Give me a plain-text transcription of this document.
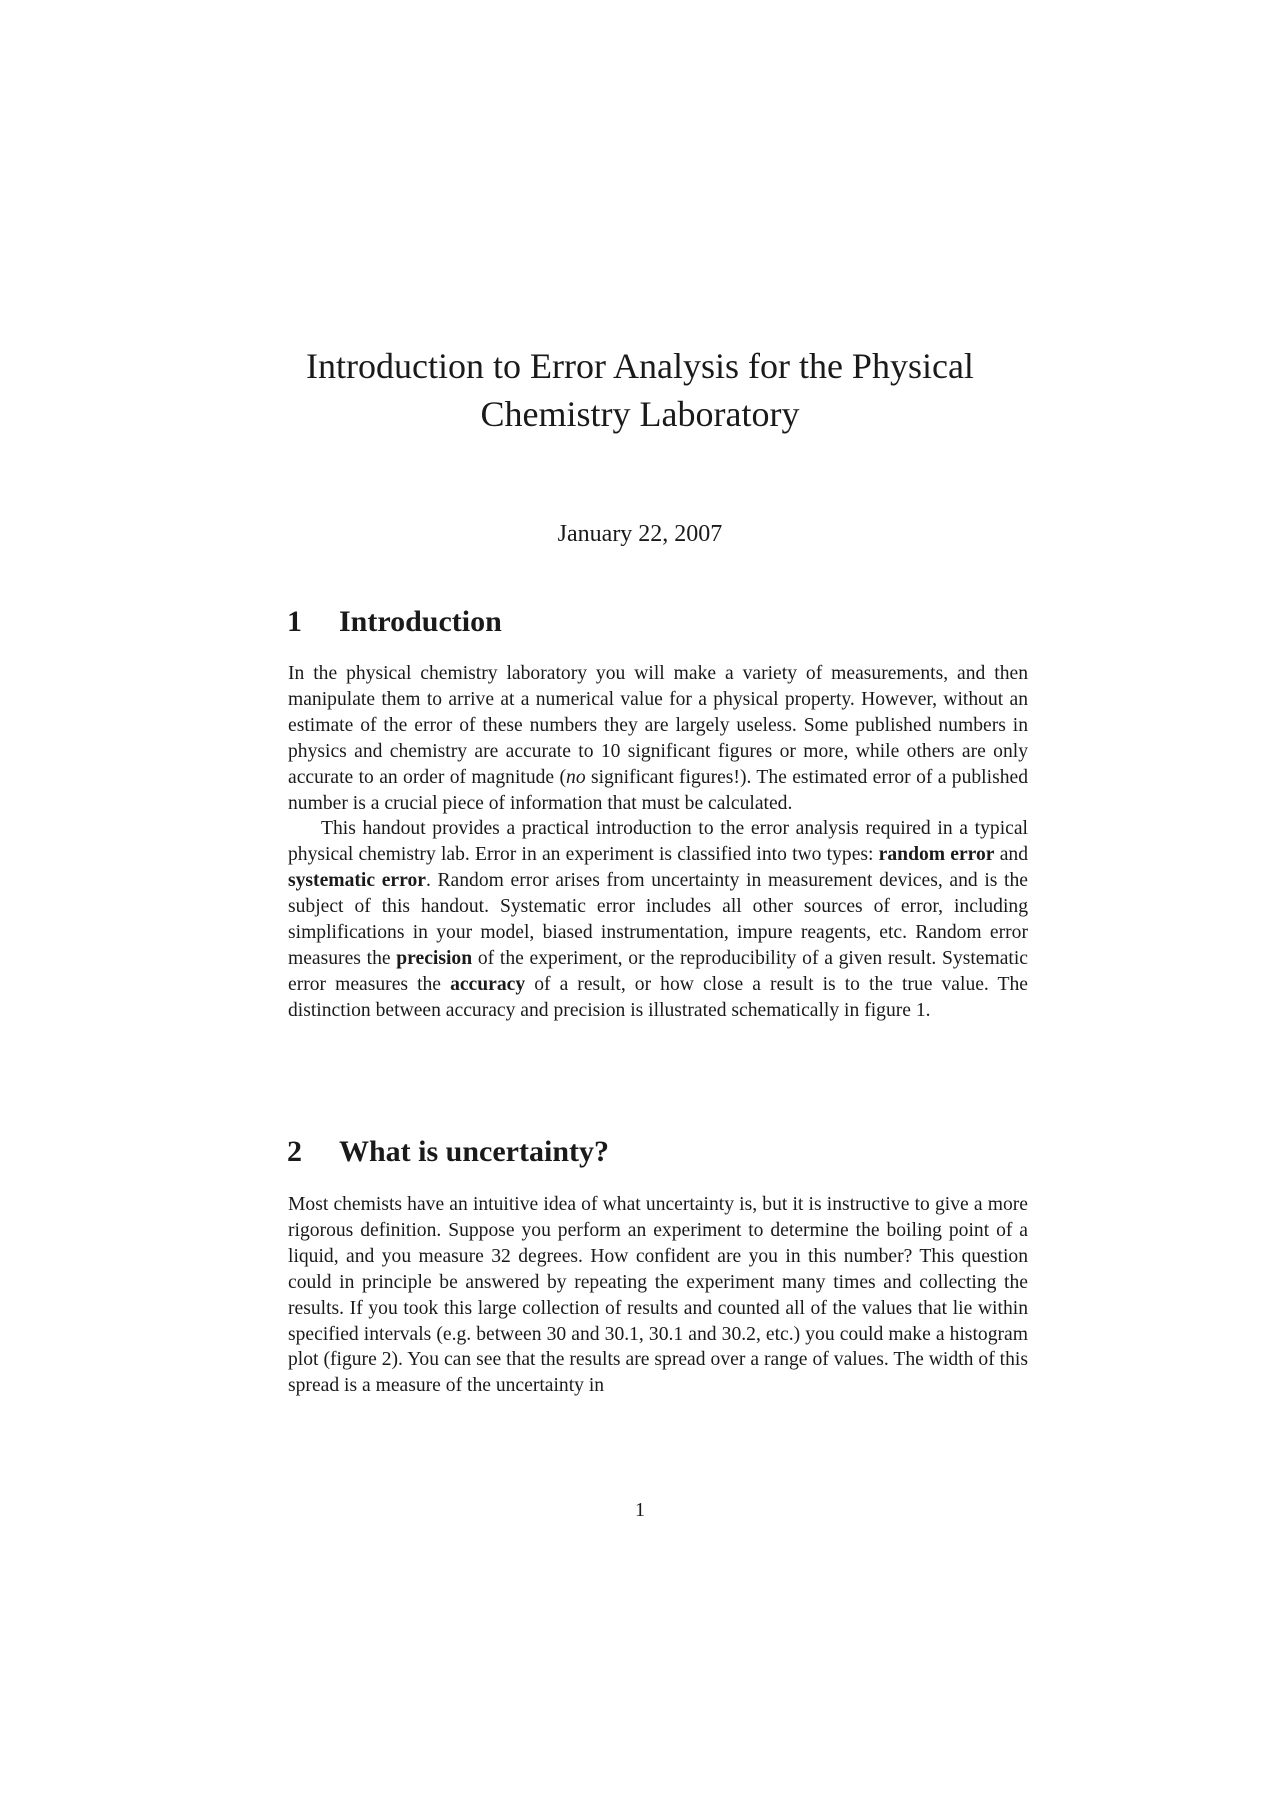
Introduction to Error Analysis for the Physical
Chemistry Laboratory
January 22, 2007
1 Introduction

In the physical chemistry laboratory you will make a variety of measurements, and then manipulate them to arrive at a numerical value for a physical property. However, without an estimate of the error of these numbers they are largely useless. Some published numbers in physics and chemistry are accurate to 10 significant figures or more, while others are only accurate to an order of magnitude (no significant figures!). The estimated error of a published number is a crucial piece of information that must be calculated.

This handout provides a practical introduction to the error analysis required in a typical physical chemistry lab. Error in an experiment is classified into two types: random error and systematic error. Random error arises from uncertainty in measurement devices, and is the subject of this handout. Systematic error includes all other sources of error, including simplifications in your model, biased instrumentation, impure reagents, etc. Random error measures the precision of the experiment, or the reproducibility of a given result. Systematic error measures the accuracy of a result, or how close a result is to the true value. The distinction between accuracy and precision is illustrated schematically in figure 1.

2 What is uncertainty?

Most chemists have an intuitive idea of what uncertainty is, but it is instructive to give a more rigorous definition. Suppose you perform an experiment to determine the boiling point of a liquid, and you measure 32 degrees. How confident are you in this number? This question could in principle be answered by repeating the experiment many times and collecting the results. If you took this large collection of results and counted all of the values that lie within specified intervals (e.g. between 30 and 30.1, 30.1 and 30.2, etc.) you could make a histogram plot (figure 2). You can see that the results are spread over a range of values. The width of this spread is a measure of the uncertainty in

1
